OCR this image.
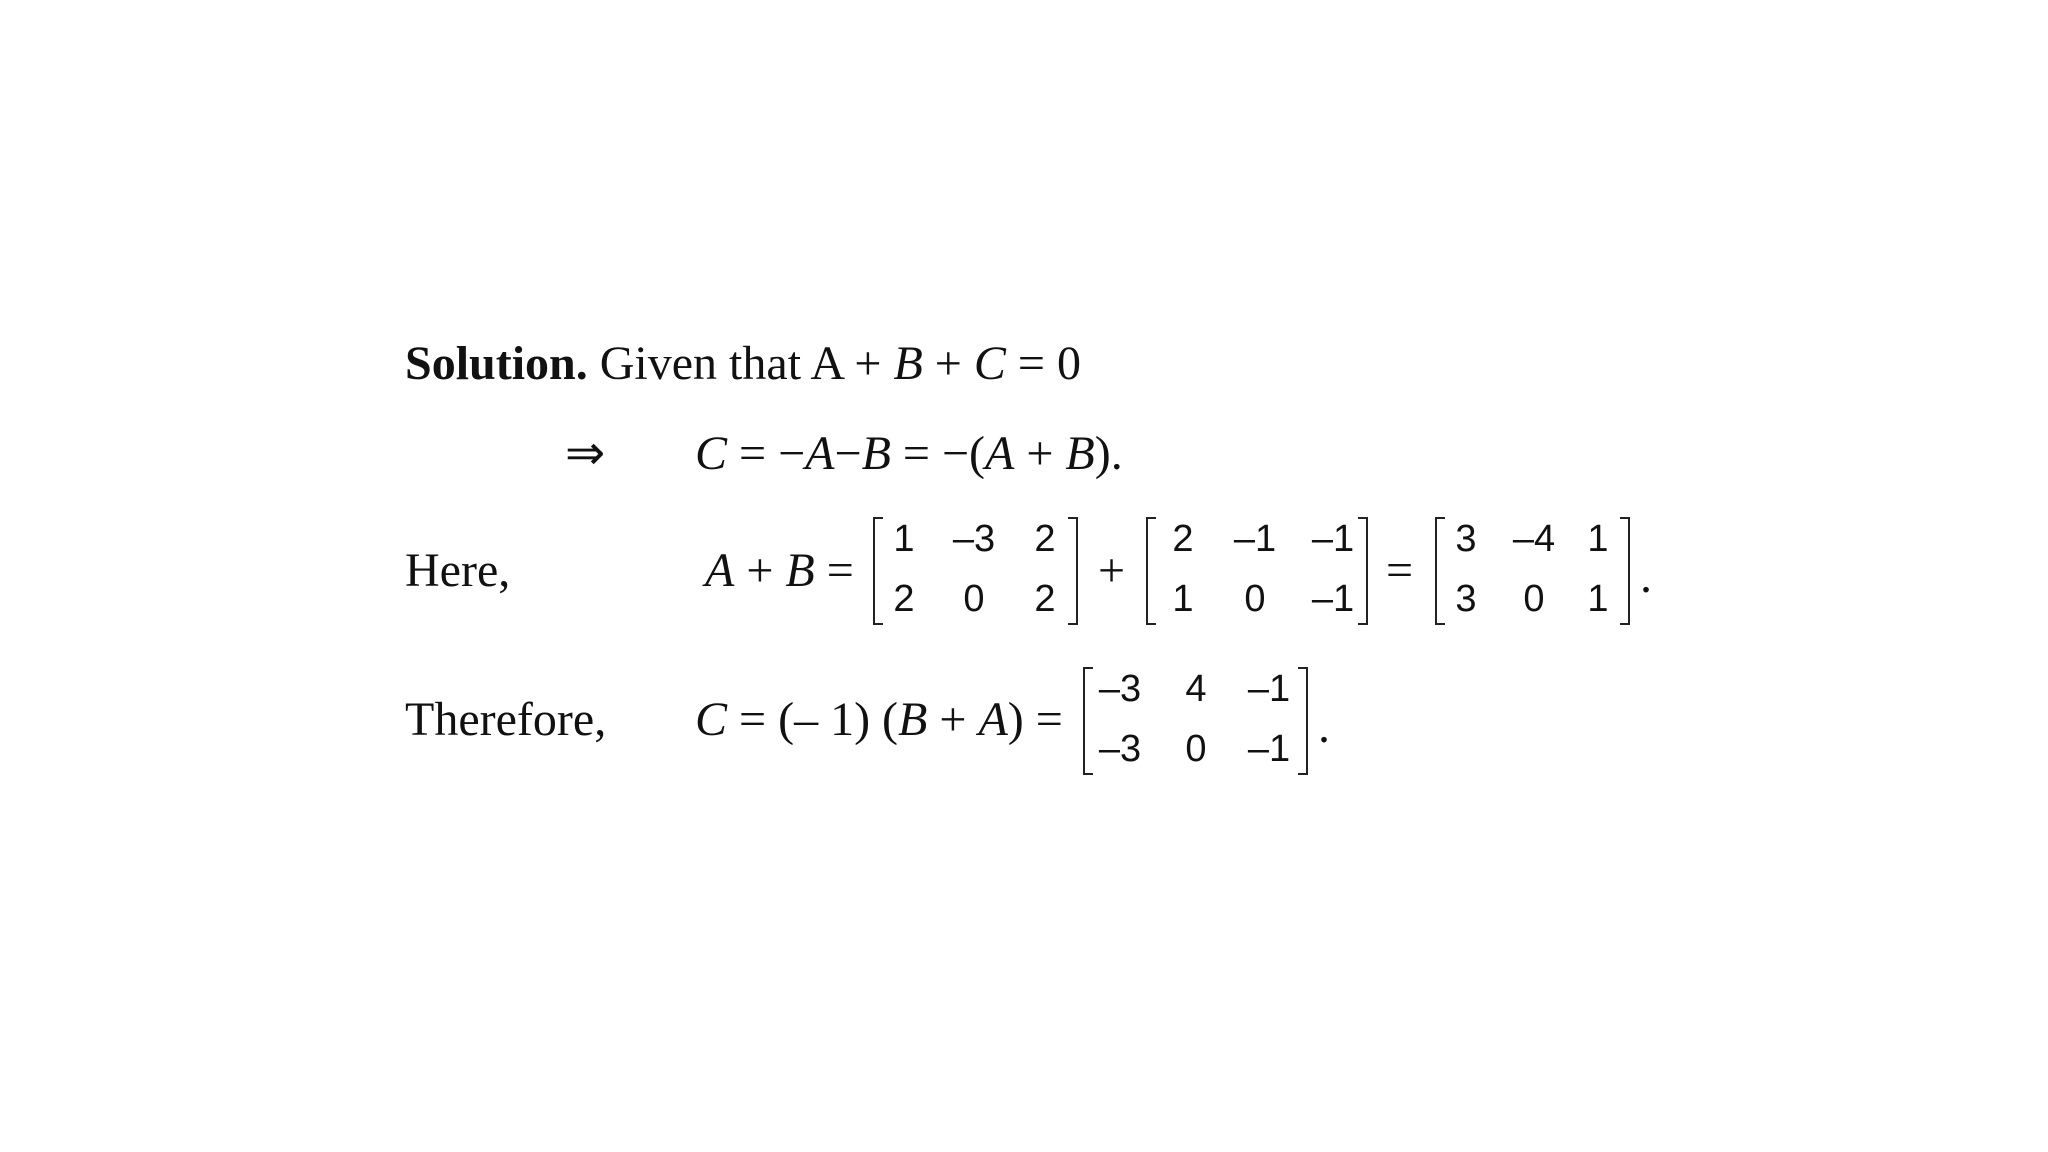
Solution. Given that A + B + C = 0
⇒ C = −A−B = −(A + B).
Here,	A + B =
1	–3	2
2	0	2
+
2	–1 –1
1	0	–1
=
3 –4 1
3	0	1 .
Therefore, C = (– 1) (B + A) =
–3	4	–1
–3	0	–1 .
